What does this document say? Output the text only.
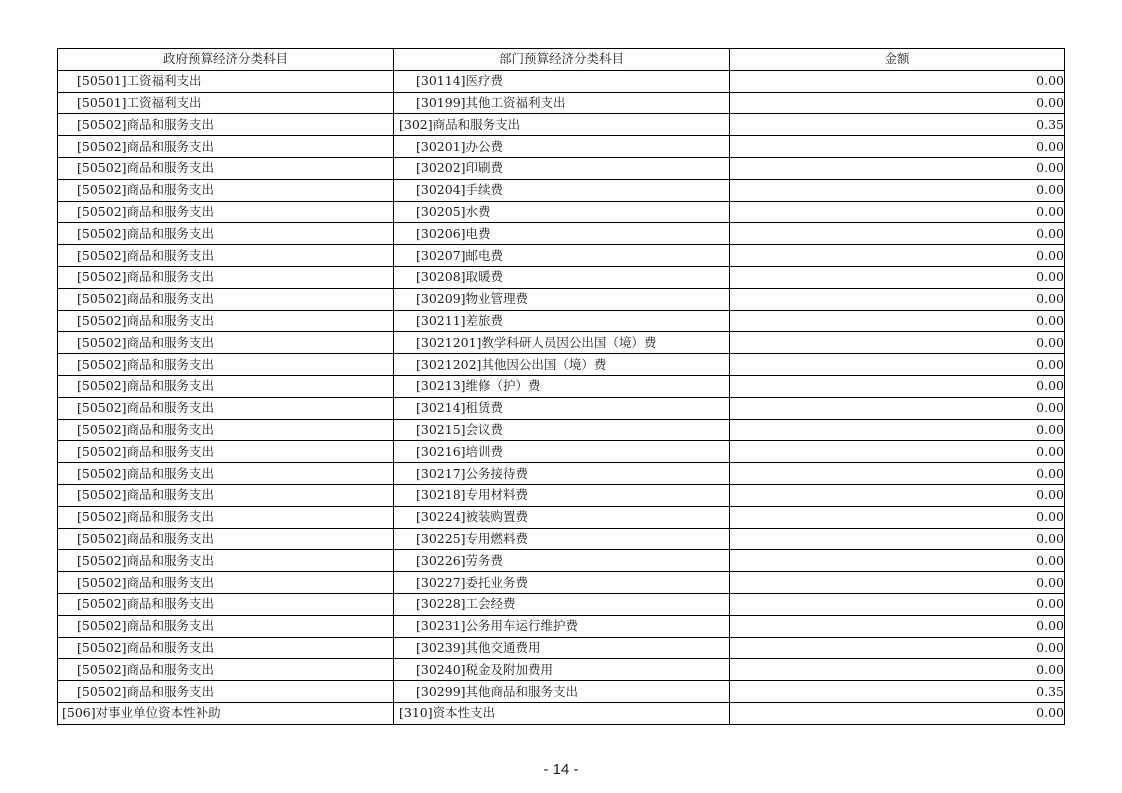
政府预算经济分类科目	部门预算经济分类科目	金额
[50501]工资福利支出	[30114]医疗费	0.00
[50501]工资福利支出	[30199]其他工资福利支出	0.00
[50502]商品和服务支出	[302]商品和服务支出	0.35
[50502]商品和服务支出	[30201]办公费	0.00
[50502]商品和服务支出	[30202]印刷费	0.00
[50502]商品和服务支出	[30204]手续费	0.00
[50502]商品和服务支出	[30205]水费	0.00
[50502]商品和服务支出	[30206]电费	0.00
[50502]商品和服务支出	[30207]邮电费	0.00
[50502]商品和服务支出	[30208]取暖费	0.00
[50502]商品和服务支出	[30209]物业管理费	0.00
[50502]商品和服务支出	[30211]差旅费	0.00
[50502]商品和服务支出	[3021201]教学科研人员因公出国（境）费	0.00
[50502]商品和服务支出	[3021202]其他因公出国（境）费	0.00
[50502]商品和服务支出	[30213]维修（护）费	0.00
[50502]商品和服务支出	[30214]租赁费	0.00
[50502]商品和服务支出	[30215]会议费	0.00
[50502]商品和服务支出	[30216]培训费	0.00
[50502]商品和服务支出	[30217]公务接待费	0.00
[50502]商品和服务支出	[30218]专用材料费	0.00
[50502]商品和服务支出	[30224]被装购置费	0.00
[50502]商品和服务支出	[30225]专用燃料费	0.00
[50502]商品和服务支出	[30226]劳务费	0.00
[50502]商品和服务支出	[30227]委托业务费	0.00
[50502]商品和服务支出	[30228]工会经费	0.00
[50502]商品和服务支出	[30231]公务用车运行维护费	0.00
[50502]商品和服务支出	[30239]其他交通费用	0.00
[50502]商品和服务支出	[30240]税金及附加费用	0.00
[50502]商品和服务支出	[30299]其他商品和服务支出	0.35
[506]对事业单位资本性补助	[310]资本性支出	0.00
- 14 -
